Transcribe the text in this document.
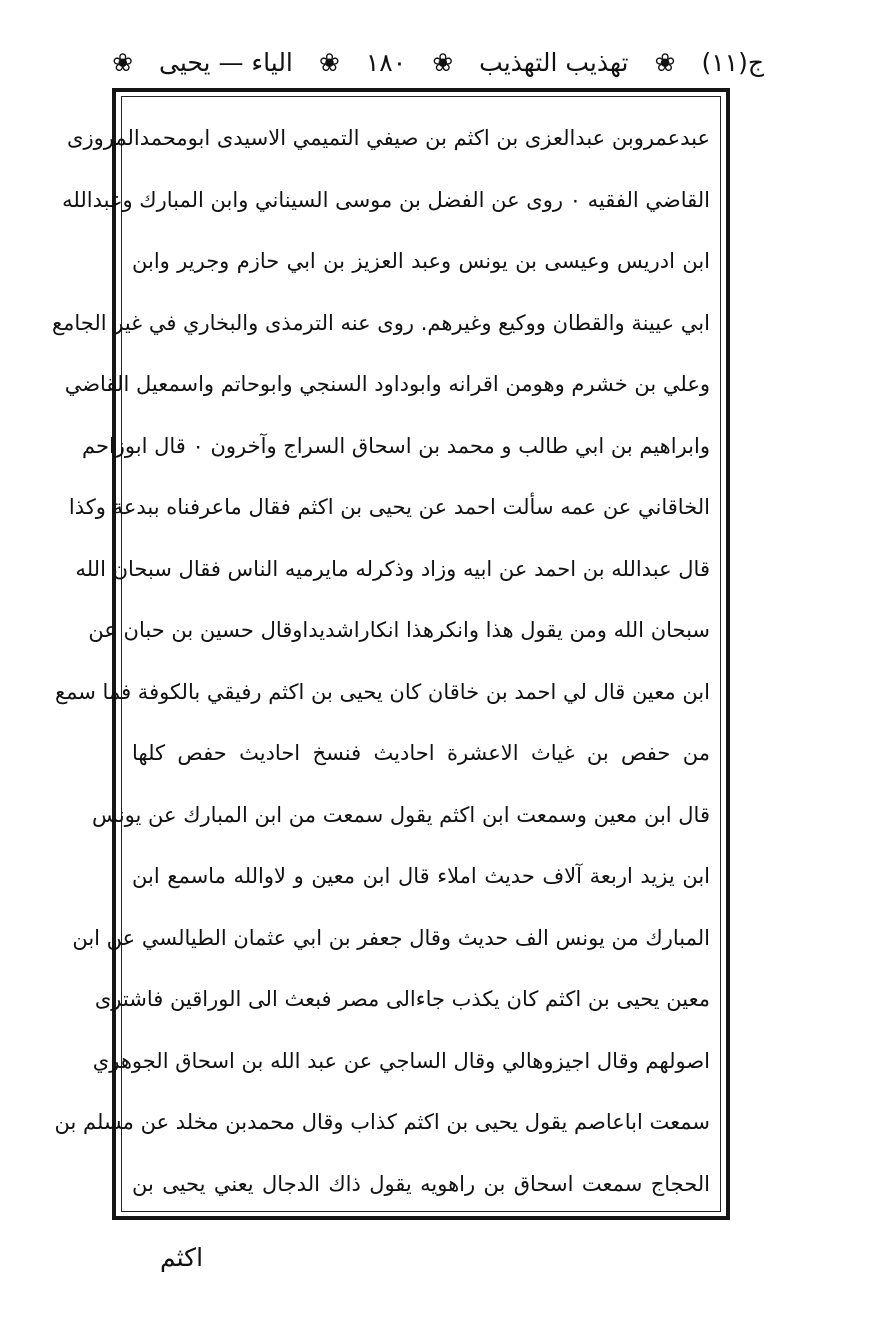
ج(١١)
❀
تهذيب التهذيب
❀
١٨٠
❀
الياء — يحيى
❀
عبدعمروبن عبدالعزى بن اكثم بن صيفي التميمي الاسيدى ابومحمدالمروزى
القاضي الفقيه ٠ روى عن الفضل بن موسى السيناني وابن المبارك وعبدالله
ابن ادريس وعيسى بن يونس وعبد العزيز بن ابي حازم وجرير وابن
ابي عيينة والقطان ووكيع وغيرهم. روى عنه الترمذى والبخاري في غير الجامع
وعلي بن خشرم وهومن اقرانه وابوداود السنجي وابوحاتم واسمعيل القاضي
وابراهيم بن ابي طالب و محمد بن اسحاق السراج وآخرون ٠ قال ابوزاحم
الخاقاني عن عمه سألت احمد عن يحيى بن اكثم فقال ماعرفناه ببدعة وكذا
قال عبدالله بن احمد عن ابيه وزاد وذكرله مايرميه الناس فقال سبحان الله
سبحان الله ومن يقول هذا وانكرهذا انكاراشديداوقال حسين بن حبان عن
ابن معين قال لي احمد بن خاقان كان يحيى بن اكثم رفيقي بالكوفة فما سمع
من حفص بن غياث الاعشرة احاديث فنسخ احاديث حفص كلها
قال ابن معين وسمعت ابن اكثم يقول سمعت من ابن المبارك عن يونس
ابن يزيد اربعة آلاف حديث املاء قال ابن معين و لاوالله ماسمع ابن
المبارك من يونس الف حديث وقال جعفر بن ابي عثمان الطيالسي عن ابن
معين يحيى بن اكثم كان يكذب جاءالى مصر فبعث الى الوراقين فاشترى
اصولهم وقال اجيزوهالي وقال الساجي عن عبد الله بن اسحاق الجوهري
سمعت اباعاصم يقول يحيى بن اكثم كذاب وقال محمدبن مخلد عن مسلم بن
الحجاج سمعت اسحاق بن راهويه يقول ذاك الدجال يعني يحيى بن
اكثم
